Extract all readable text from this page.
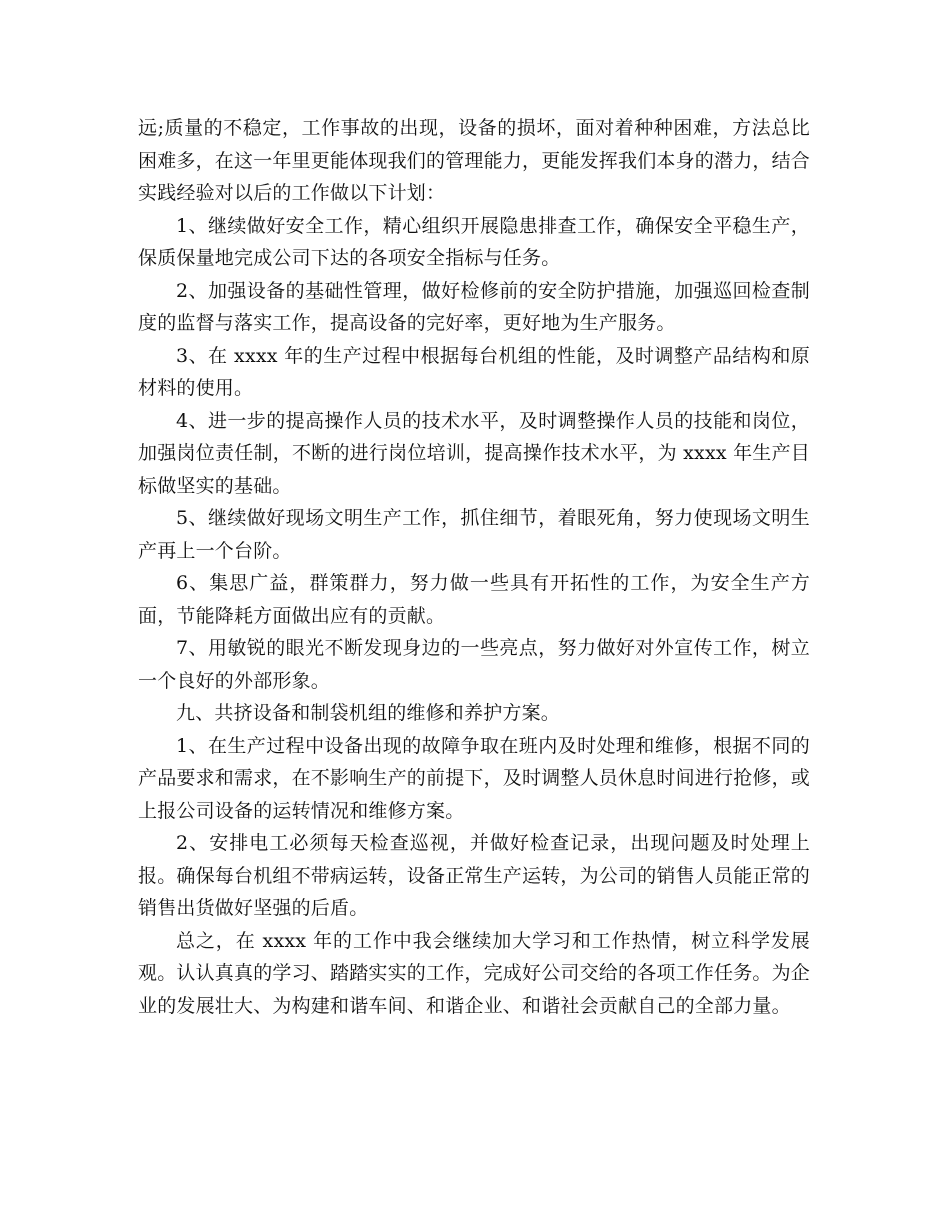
远;质量的不稳定，工作事故的出现，设备的损坏，面对着种种困难，方法总比困难多，在这一年里更能体现我们的管理能力，更能发挥我们本身的潜力，结合实践经验对以后的工作做以下计划：

1、继续做好安全工作，精心组织开展隐患排查工作，确保安全平稳生产，保质保量地完成公司下达的各项安全指标与任务。

2、加强设备的基础性管理，做好检修前的安全防护措施，加强巡回检查制度的监督与落实工作，提高设备的完好率，更好地为生产服务。

3、在 xxxx 年的生产过程中根据每台机组的性能，及时调整产品结构和原材料的使用。

4、进一步的提高操作人员的技术水平，及时调整操作人员的技能和岗位，加强岗位责任制，不断的进行岗位培训，提高操作技术水平，为 xxxx 年生产目标做坚实的基础。

5、继续做好现场文明生产工作，抓住细节，着眼死角，努力使现场文明生产再上一个台阶。

6、集思广益，群策群力，努力做一些具有开拓性的工作，为安全生产方面，节能降耗方面做出应有的贡献。

7、用敏锐的眼光不断发现身边的一些亮点，努力做好对外宣传工作，树立一个良好的外部形象。

九、共挤设备和制袋机组的维修和养护方案。

1、在生产过程中设备出现的故障争取在班内及时处理和维修，根据不同的产品要求和需求，在不影响生产的前提下，及时调整人员休息时间进行抢修，或上报公司设备的运转情况和维修方案。

2、安排电工必须每天检查巡视，并做好检查记录，出现问题及时处理上报。确保每台机组不带病运转，设备正常生产运转，为公司的销售人员能正常的销售出货做好坚强的后盾。

总之，在 xxxx 年的工作中我会继续加大学习和工作热情，树立科学发展观。认认真真的学习、踏踏实实的工作，完成好公司交给的各项工作任务。为企业的发展壮大、为构建和谐车间、和谐企业、和谐社会贡献自己的全部力量。
